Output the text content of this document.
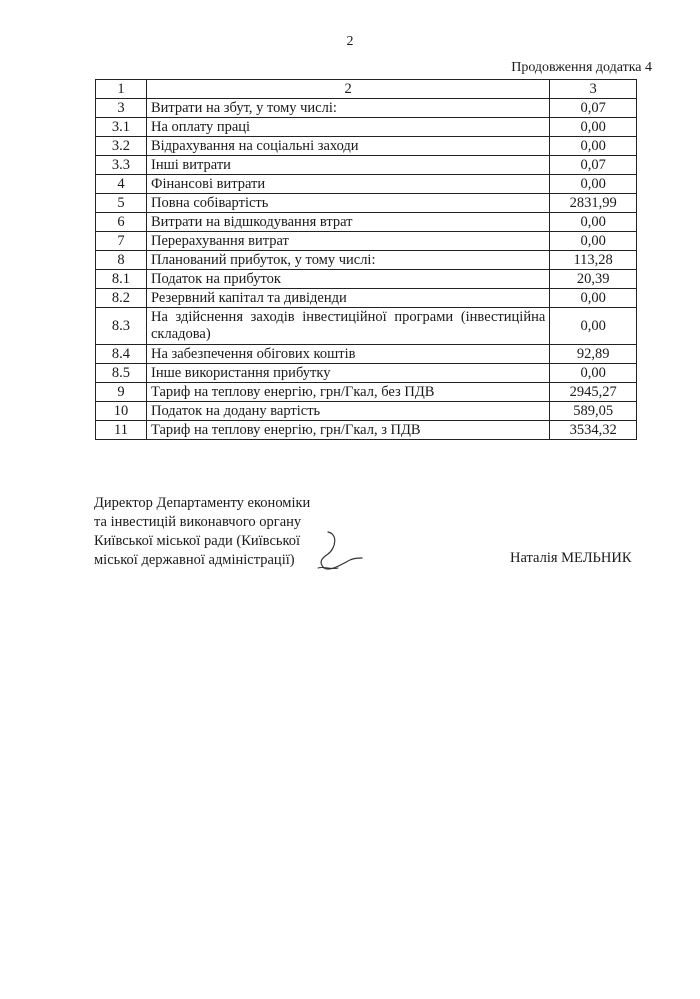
2
Продовження додатка 4
1	2	3
3	Витрати на збут, у тому числі:	0,07
3.1	На оплату праці	0,00
3.2	Відрахування на соціальні заходи	0,00
3.3	Інші витрати	0,07
4	Фінансові витрати	0,00
5	Повна собівартість	2831,99
6	Витрати на відшкодування втрат	0,00
7	Перерахування витрат	0,00
8	Планований прибуток, у тому числі:	113,28
8.1	Податок на прибуток	20,39
8.2	Резервний капітал та дивіденди	0,00
8.3	На здійснення заходів інвестиційної програми (інвестиційна складова)	0,00
8.4	На забезпечення обігових коштів	92,89
8.5	Інше використання прибутку	0,00
9	Тариф на теплову енергію, грн/Гкал, без ПДВ	2945,27
10	Податок на додану вартість	589,05
11	Тариф на теплову енергію, грн/Гкал, з ПДВ	3534,32
Директор Департаменту економіки
та інвестицій виконавчого органу
Київської міської ради (Київської
міської державної адміністрації)	Наталія МЕЛЬНИК
